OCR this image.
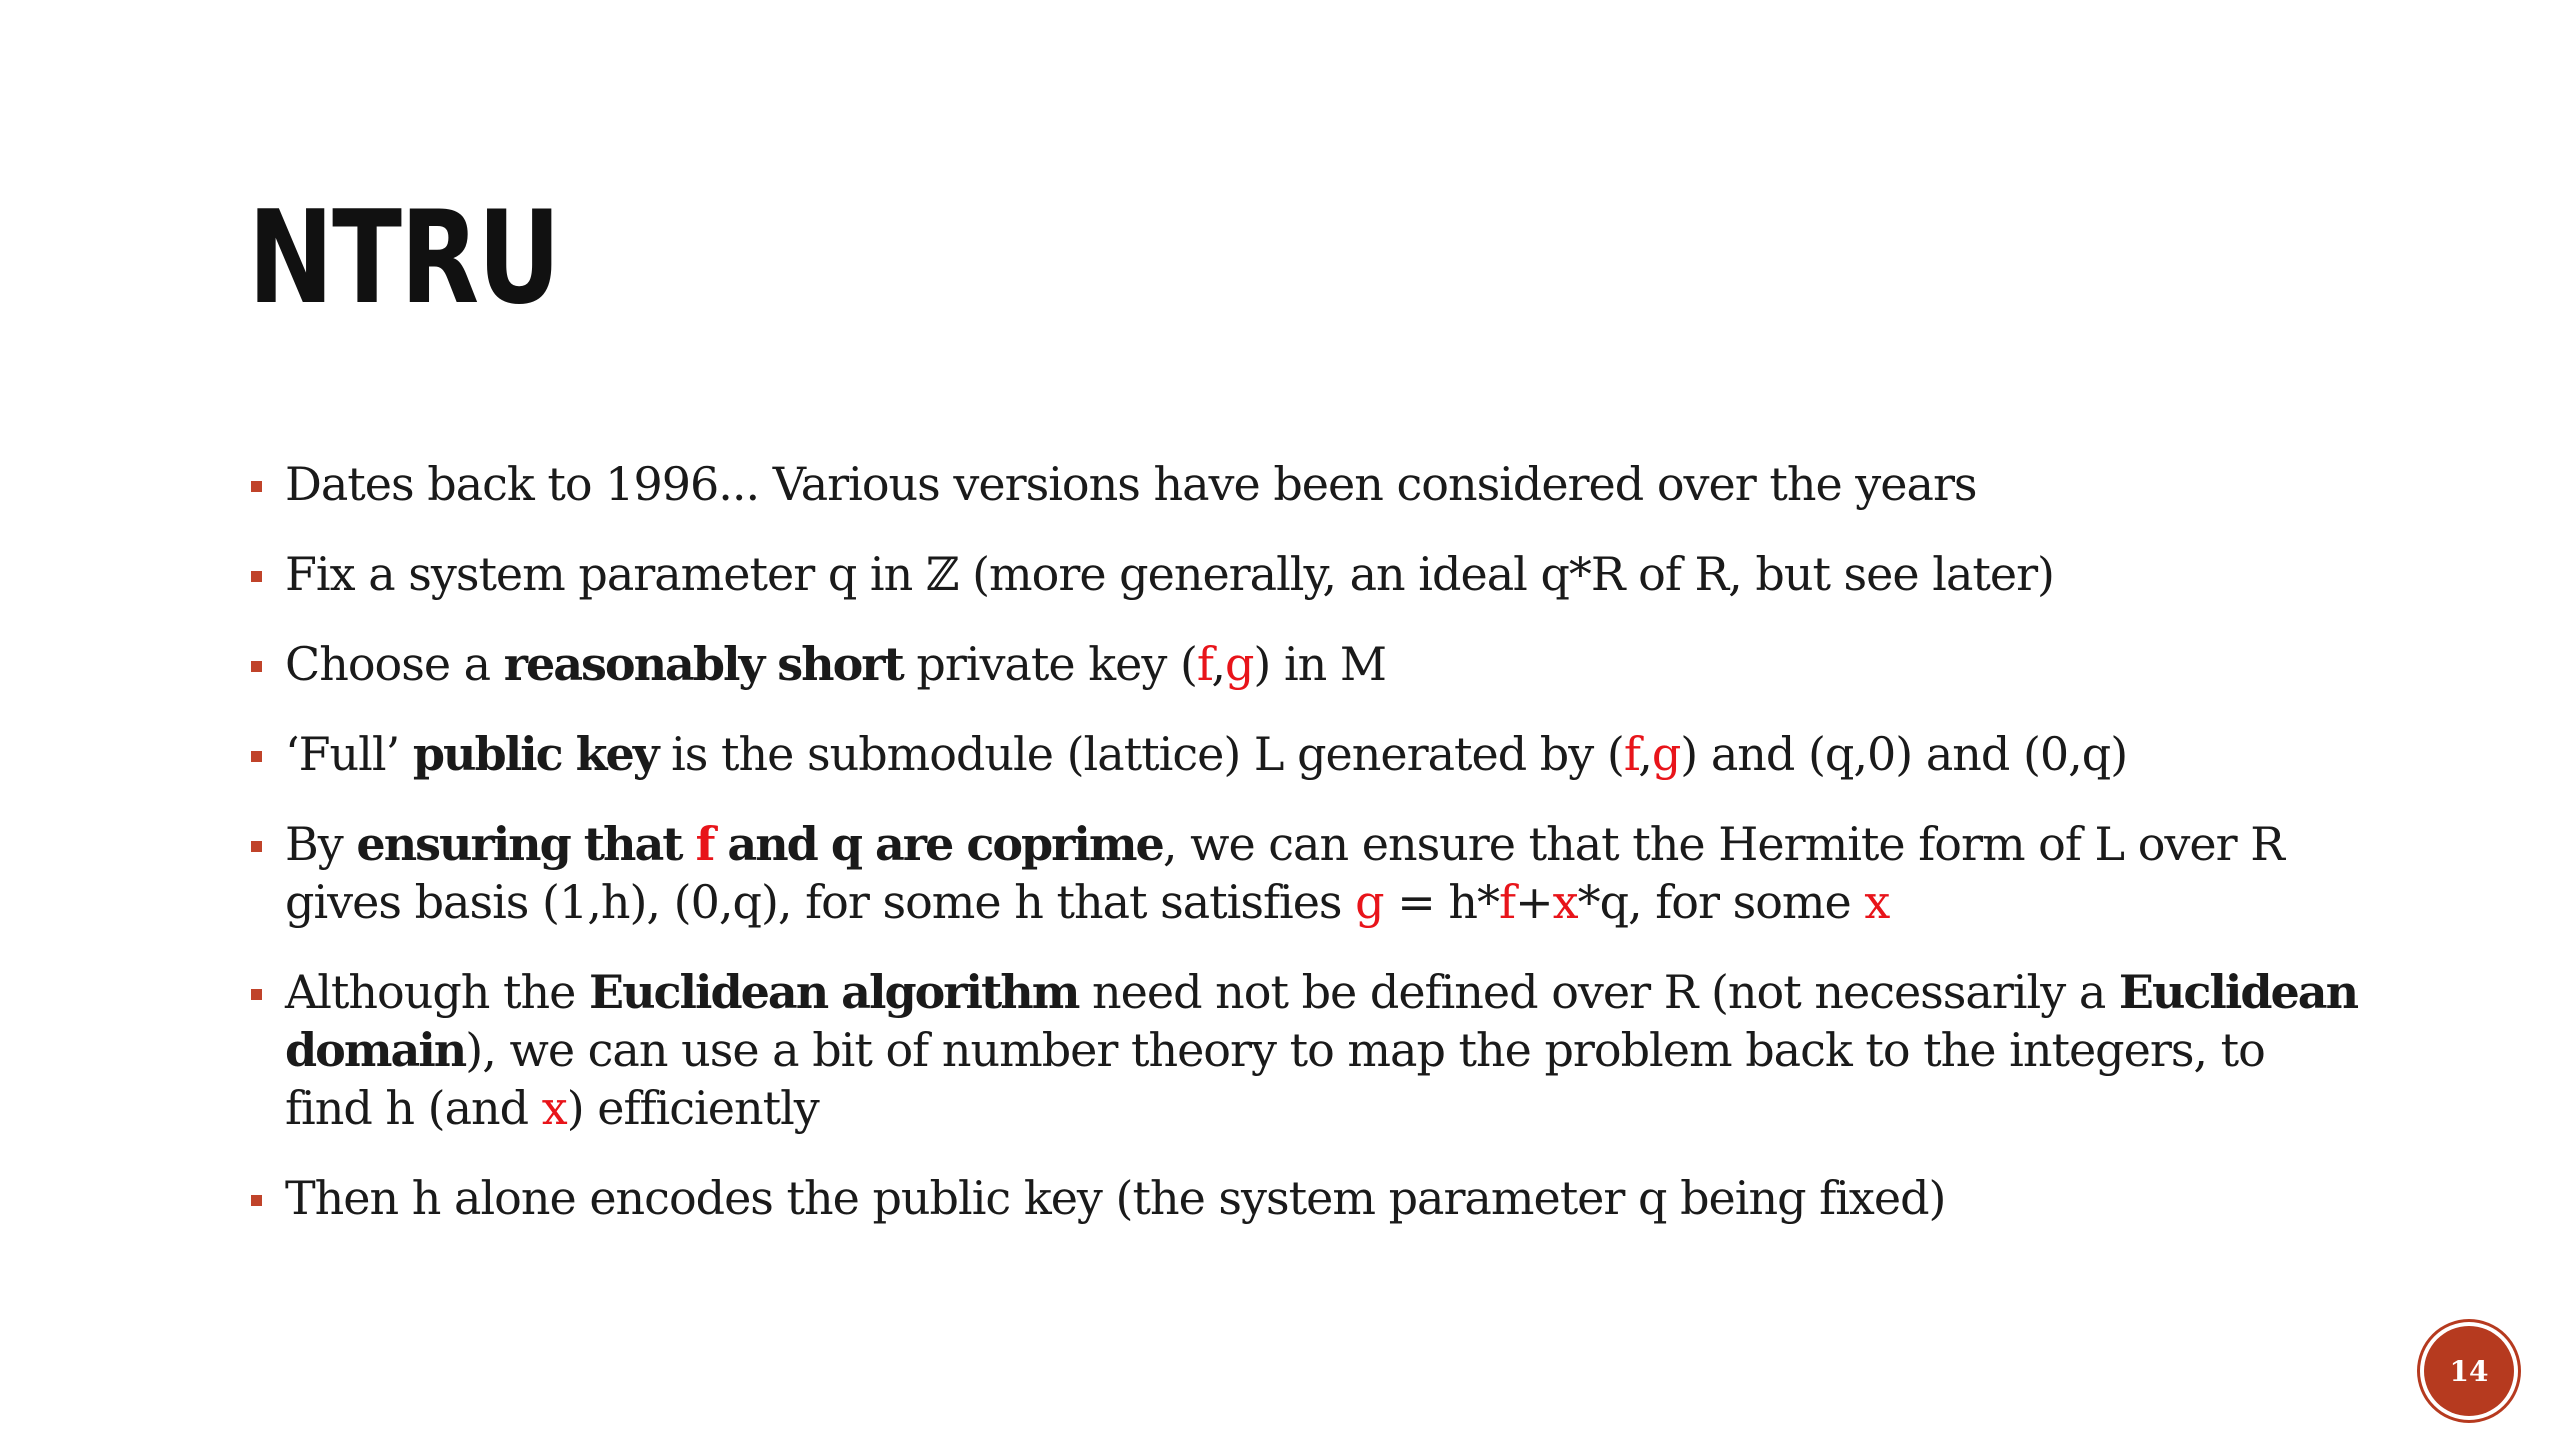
NTRU
Dates back to 1996... Various versions have been considered over the years
Fix a system parameter q in ℤ (more generally, an ideal q*R of R, but see later)
Choose a reasonably short private key (f,g) in M
‘Full’ public key is the submodule (lattice) L generated by (f,g) and (q,0) and (0,q)
By ensuring that f and q are coprime, we can ensure that the Hermite form of L over R
gives basis (1,h), (0,q), for some h that satisfies g = h*f+x*q, for some x
Although the Euclidean algorithm need not be defined over R (not necessarily a Euclidean
domain), we can use a bit of number theory to map the problem back to the integers, to
find h (and x) efficiently
Then h alone encodes the public key (the system parameter q being fixed)
14
